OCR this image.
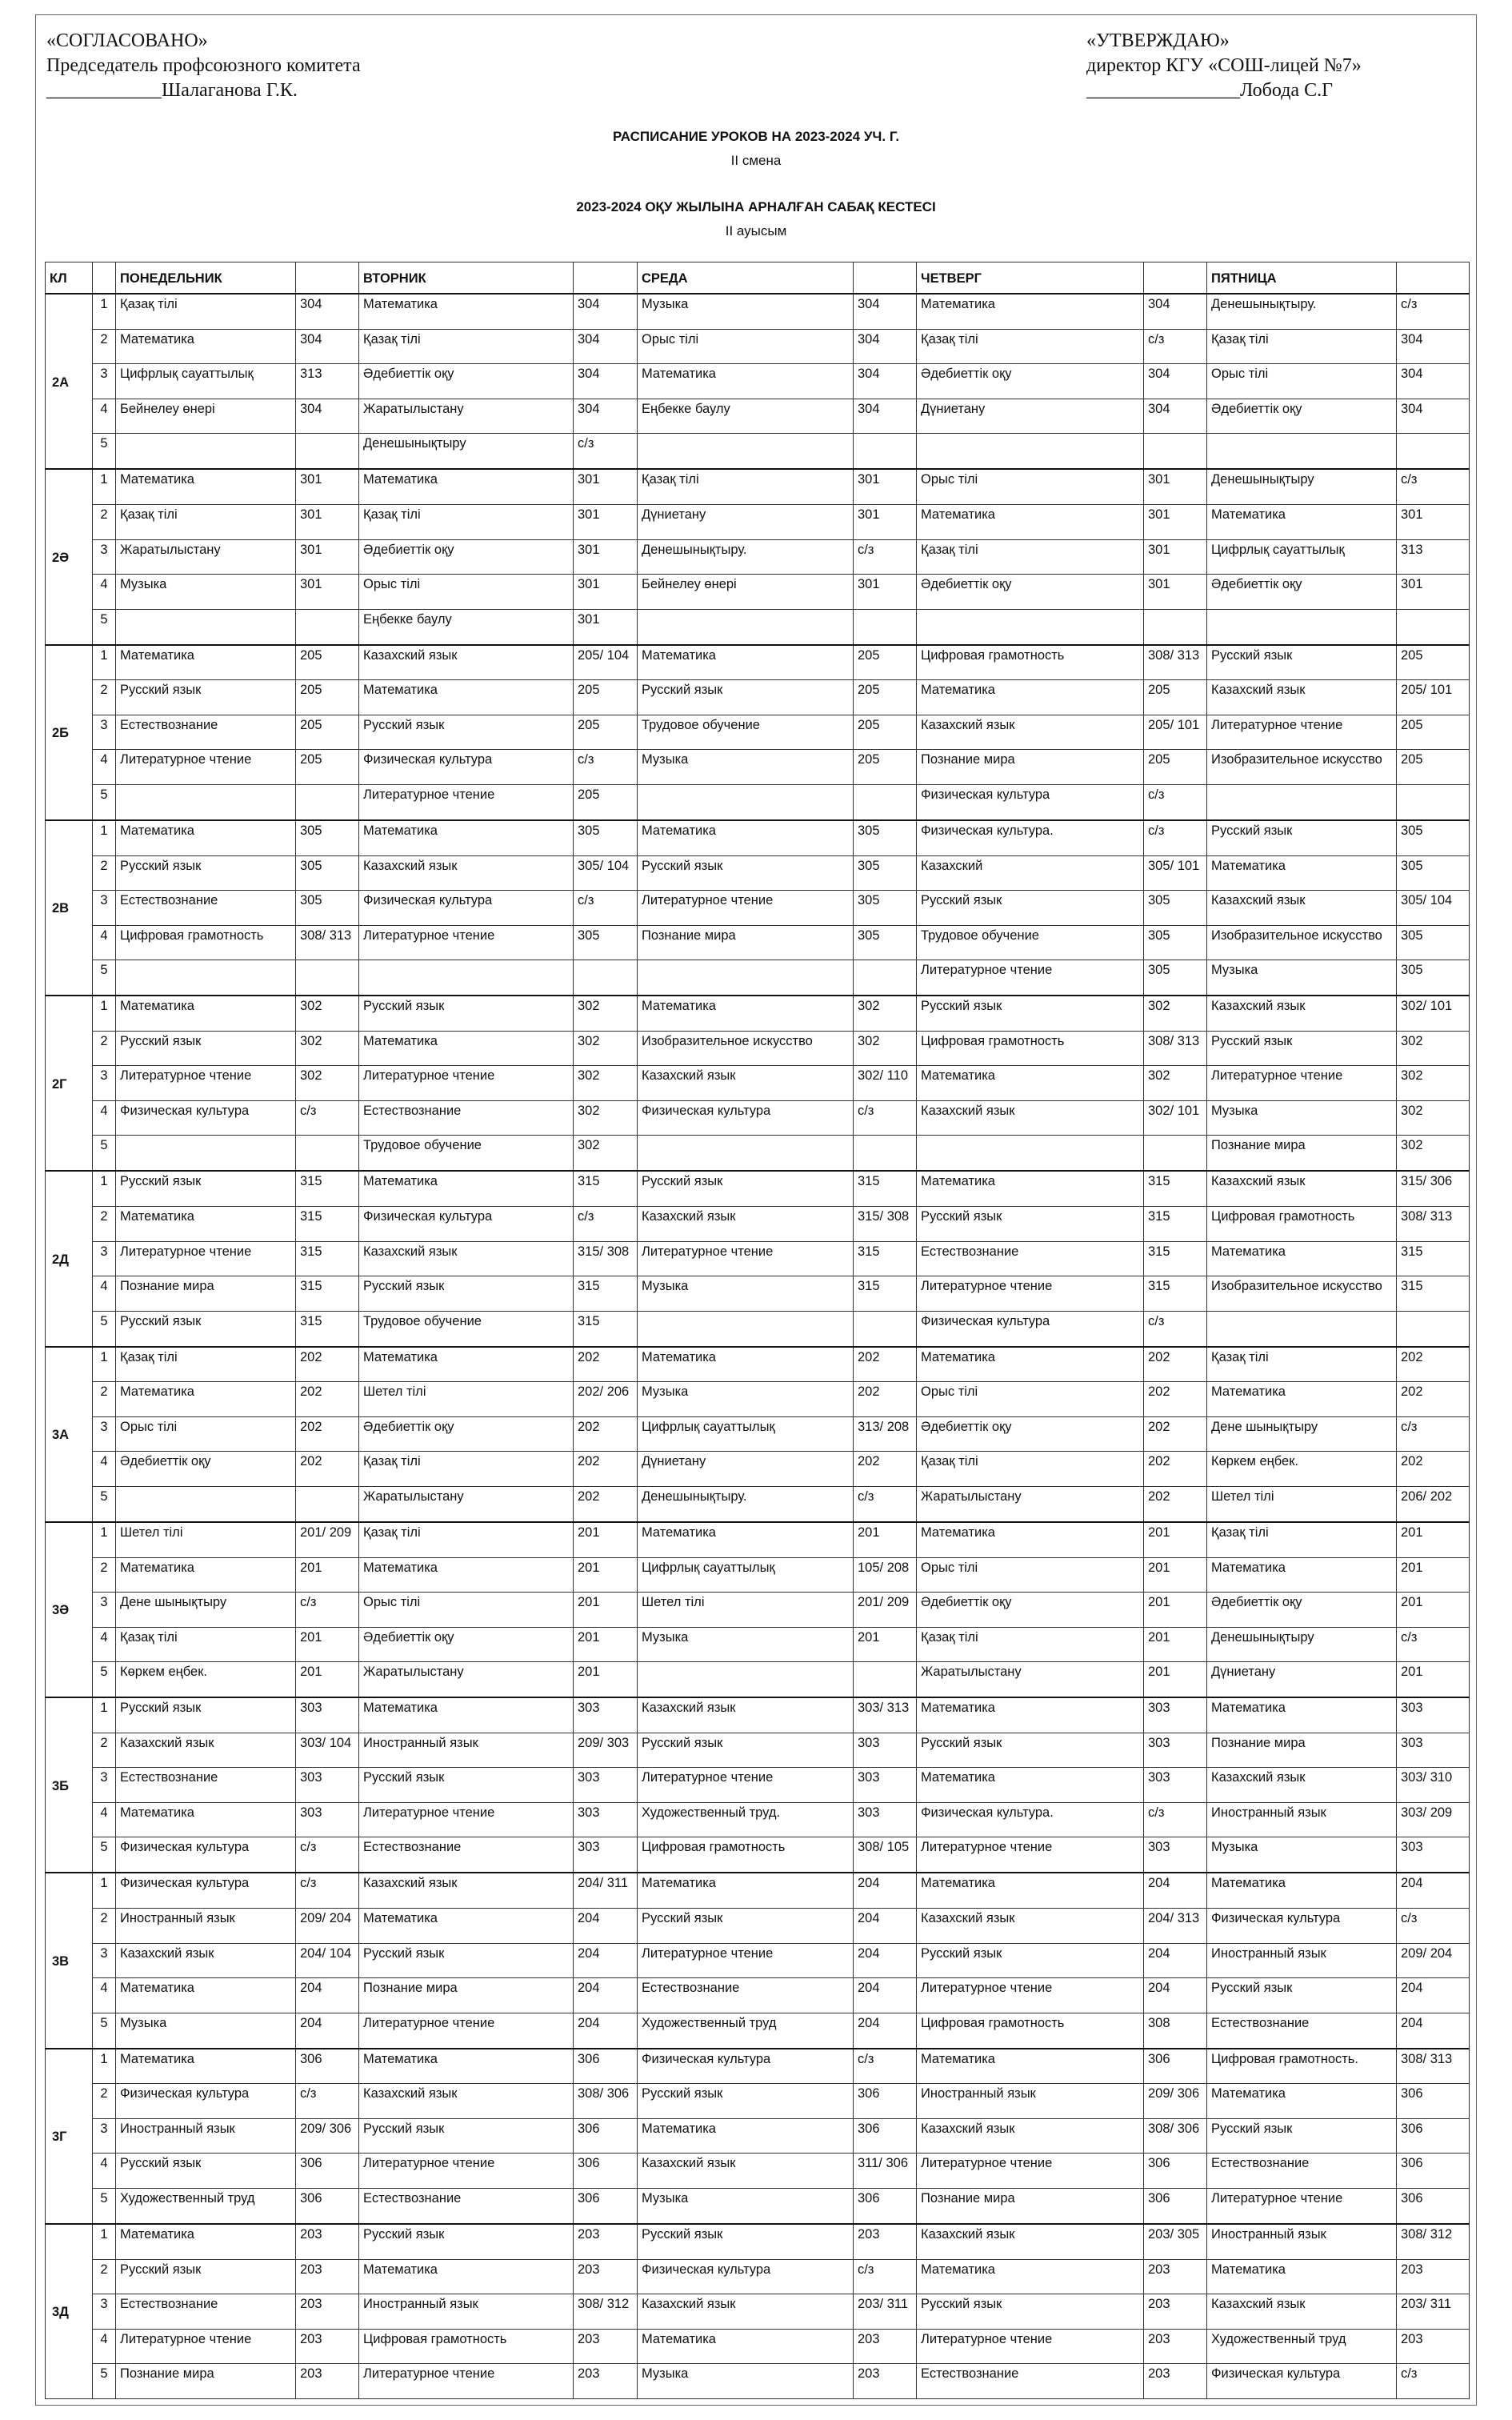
«СОГЛАСОВАНО»
Председатель профсоюзного комитета
____________Шалаганова Г.К.
«УТВЕРЖДАЮ»
директор КГУ «СОШ-лицей №7»
________________Лобода С.Г
РАСПИСАНИЕ УРОКОВ НА 2023-2024 УЧ. Г.
II смена
2023-2024 ОҚУ ЖЫЛЫНА АРНАЛҒАН САБАҚ КЕСТЕСІ
II ауысым
КЛ		ПОНЕДЕЛЬНИК		ВТОРНИК		СРЕДА		ЧЕТВЕРГ		ПЯТНИЦА	
2А	1	Қазақ тілі	304	Математика	304	Музыка	304	Математика	304	Денешынықтыру.	с/з
	2	Математика	304	Қазақ тілі	304	Орыс тілі	304	Қазақ тілі	с/з	Қазақ тілі	304
	3	Цифрлық сауаттылық	313	Әдебиеттік оқу	304	Математика	304	Әдебиеттік оқу	304	Орыс тілі	304
	4	Бейнелеу өнері	304	Жаратылыстану	304	Еңбекке баулу	304	Дүниетану	304	Әдебиеттік оқу	304
	5			Денешынықтыру	с/з						
2Ә	1	Математика	301	Математика	301	Қазақ тілі	301	Орыс тілі	301	Денешынықтыру	с/з
	2	Қазақ тілі	301	Қазақ тілі	301	Дүниетану	301	Математика	301	Математика	301
	3	Жаратылыстану	301	Әдебиеттік оқу	301	Денешынықтыру.	с/з	Қазақ тілі	301	Цифрлық сауаттылық	313
	4	Музыка	301	Орыс тілі	301	Бейнелеу өнері	301	Әдебиеттік оқу	301	Әдебиеттік оқу	301
	5			Еңбекке баулу	301						
2Б	1	Математика	205	Казахский язык	205/ 104	Математика	205	Цифровая грамотность	308/ 313	Русский язык	205
	2	Русский язык	205	Математика	205	Русский язык	205	Математика	205	Казахский язык	205/ 101
	3	Естествознание	205	Русский язык	205	Трудовое обучение	205	Казахский язык	205/ 101	Литературное чтение	205
	4	Литературное чтение	205	Физическая культура	с/з	Музыка	205	Познание мира	205	Изобразительное искусство	205
	5			Литературное чтение	205			Физическая культура	с/з		
2В	1	Математика	305	Математика	305	Математика	305	Физическая культура.	с/з	Русский язык	305
	2	Русский язык	305	Казахский язык	305/ 104	Русский язык	305	Казахский	305/ 101	Математика	305
	3	Естествознание	305	Физическая культура	с/з	Литературное чтение	305	Русский язык	305	Казахский язык	305/ 104
	4	Цифровая грамотность	308/ 313	Литературное чтение	305	Познание мира	305	Трудовое обучение	305	Изобразительное искусство	305
	5							Литературное чтение	305	Музыка	305
2Г	1	Математика	302	Русский язык	302	Математика	302	Русский язык	302	Казахский язык	302/ 101
	2	Русский язык	302	Математика	302	Изобразительное искусство	302	Цифровая грамотность	308/ 313	Русский язык	302
	3	Литературное чтение	302	Литературное чтение	302	Казахский язык	302/ 110	Математика	302	Литературное чтение	302
	4	Физическая культура	с/з	Естествознание	302	Физическая культура	с/з	Казахский язык	302/ 101	Музыка	302
	5			Трудовое обучение	302					Познание мира	302
2Д	1	Русский язык	315	Математика	315	Русский язык	315	Математика	315	Казахский язык	315/ 306
	2	Математика	315	Физическая культура	с/з	Казахский язык	315/ 308	Русский язык	315	Цифровая грамотность	308/ 313
	3	Литературное чтение	315	Казахский язык	315/ 308	Литературное чтение	315	Естествознание	315	Математика	315
	4	Познание мира	315	Русский язык	315	Музыка	315	Литературное чтение	315	Изобразительное искусство	315
	5	Русский язык	315	Трудовое обучение	315			Физическая культура	с/з		
3А	1	Қазақ тілі	202	Математика	202	Математика	202	Математика	202	Қазақ тілі	202
	2	Математика	202	Шетел тілі	202/ 206	Музыка	202	Орыс тілі	202	Математика	202
	3	Орыс тілі	202	Әдебиеттік оқу	202	Цифрлық сауаттылық	313/ 208	Әдебиеттік оқу	202	Дене шынықтыру	с/з
	4	Әдебиеттік оқу	202	Қазақ тілі	202	Дүниетану	202	Қазақ тілі	202	Көркем еңбек.	202
	5			Жаратылыстану	202	Денешынықтыру.	с/з	Жаратылыстану	202	Шетел тілі	206/ 202
3Ә	1	Шетел тілі	201/ 209	Қазақ тілі	201	Математика	201	Математика	201	Қазақ тілі	201
	2	Математика	201	Математика	201	Цифрлық сауаттылық	105/ 208	Орыс тілі	201	Математика	201
	3	Дене шынықтыру	с/з	Орыс тілі	201	Шетел тілі	201/ 209	Әдебиеттік оқу	201	Әдебиеттік оқу	201
	4	Қазақ тілі	201	Әдебиеттік оқу	201	Музыка	201	Қазақ тілі	201	Денешынықтыру	с/з
	5	Көркем еңбек.	201	Жаратылыстану	201			Жаратылыстану	201	Дүниетану	201
3Б	1	Русский язык	303	Математика	303	Казахский язык	303/ 313	Математика	303	Математика	303
	2	Казахский язык	303/ 104	Иностранный язык	209/ 303	Русский язык	303	Русский язык	303	Познание мира	303
	3	Естествознание	303	Русский язык	303	Литературное чтение	303	Математика	303	Казахский язык	303/ 310
	4	Математика	303	Литературное чтение	303	Художественный труд.	303	Физическая культура.	с/з	Иностранный язык	303/ 209
	5	Физическая культура	с/з	Естествознание	303	Цифровая грамотность	308/ 105	Литературное чтение	303	Музыка	303
3В	1	Физическая культура	с/з	Казахский язык	204/ 311	Математика	204	Математика	204	Математика	204
	2	Иностранный язык	209/ 204	Математика	204	Русский язык	204	Казахский язык	204/ 313	Физическая культура	с/з
	3	Казахский язык	204/ 104	Русский язык	204	Литературное чтение	204	Русский язык	204	Иностранный язык	209/ 204
	4	Математика	204	Познание мира	204	Естествознание	204	Литературное чтение	204	Русский язык	204
	5	Музыка	204	Литературное чтение	204	Художественный труд	204	Цифровая грамотность	308	Естествознание	204
3Г	1	Математика	306	Математика	306	Физическая культура	с/з	Математика	306	Цифровая грамотность.	308/ 313
	2	Физическая культура	с/з	Казахский язык	308/ 306	Русский язык	306	Иностранный язык	209/ 306	Математика	306
	3	Иностранный язык	209/ 306	Русский язык	306	Математика	306	Казахский язык	308/ 306	Русский язык	306
	4	Русский язык	306	Литературное чтение	306	Казахский язык	311/ 306	Литературное чтение	306	Естествознание	306
	5	Художественный труд	306	Естествознание	306	Музыка	306	Познание мира	306	Литературное чтение	306
3Д	1	Математика	203	Русский язык	203	Русский язык	203	Казахский язык	203/ 305	Иностранный язык	308/ 312
	2	Русский язык	203	Математика	203	Физическая культура	с/з	Математика	203	Математика	203
	3	Естествознание	203	Иностранный язык	308/ 312	Казахский язык	203/ 311	Русский язык	203	Казахский язык	203/ 311
	4	Литературное чтение	203	Цифровая грамотность	203	Математика	203	Литературное чтение	203	Художественный труд	203
	5	Познание мира	203	Литературное чтение	203	Музыка	203	Естествознание	203	Физическая культура	с/з
